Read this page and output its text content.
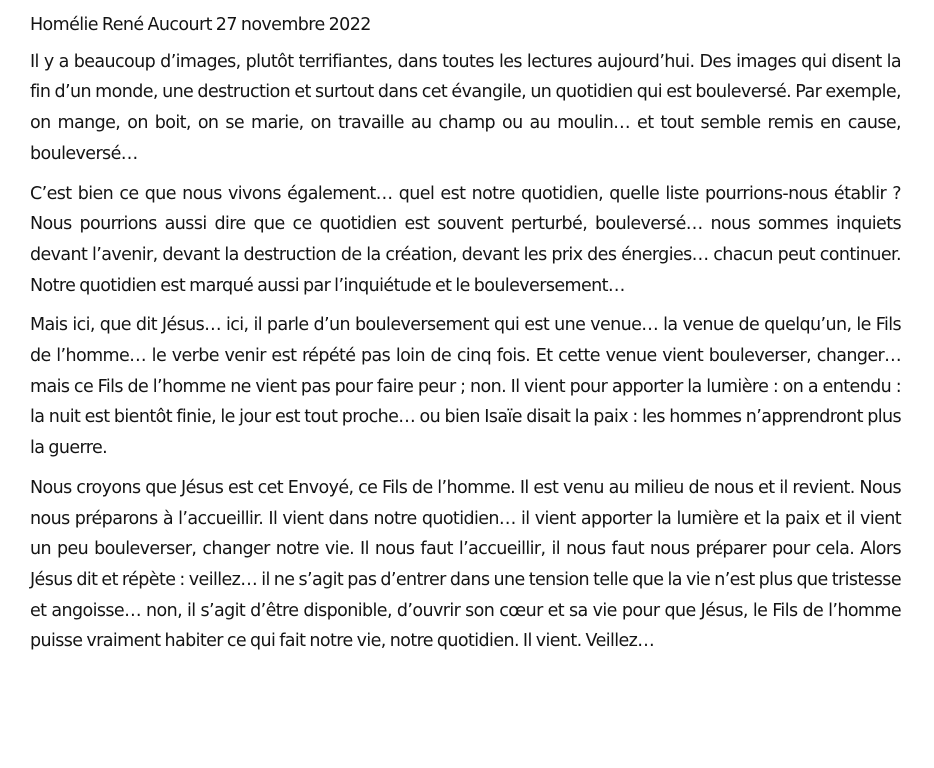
Homélie René Aucourt 27 novembre 2022

Il y a beaucoup d’images, plutôt terrifiantes, dans toutes les lectures aujourd’hui. Des images qui disent la fin d’un monde, une destruction et surtout dans cet évangile, un quotidien qui est bouleversé. Par exemple, on mange, on boit, on se marie, on travaille au champ ou au moulin… et tout semble remis en cause, bouleversé…

C’est bien ce que nous vivons également… quel est notre quotidien, quelle liste pourrions-nous établir ? Nous pourrions aussi dire que ce quotidien est souvent perturbé, bouleversé… nous sommes inquiets devant l’avenir, devant la destruction de la création, devant les prix des énergies… chacun peut continuer. Notre quotidien est marqué aussi par l’inquiétude et le bouleversement…

Mais ici, que dit Jésus… ici, il parle d’un bouleversement qui est une venue… la venue de quelqu’un, le Fils de l’homme… le verbe venir est répété pas loin de cinq fois. Et cette venue vient bouleverser, changer… mais ce Fils de l’homme ne vient pas pour faire peur ; non. Il vient pour apporter la lumière : on a entendu : la nuit est bientôt finie, le jour est tout proche… ou bien Isaïe disait la paix : les hommes n’apprendront plus la guerre.

Nous croyons que Jésus est cet Envoyé, ce Fils de l’homme. Il est venu au milieu de nous et il revient. Nous nous préparons à l’accueillir. Il vient dans notre quotidien… il vient apporter la lumière et la paix et il vient un peu bouleverser, changer notre vie. Il nous faut l’accueillir, il nous faut nous préparer pour cela. Alors Jésus dit et répète : veillez… il ne s’agit pas d’entrer dans une tension telle que la vie n’est plus que tristesse et angoisse… non, il s’agit d’être disponible, d’ouvrir son cœur et sa vie pour que Jésus, le Fils de l’homme puisse vraiment habiter ce qui fait notre vie, notre quotidien. Il vient. Veillez…
